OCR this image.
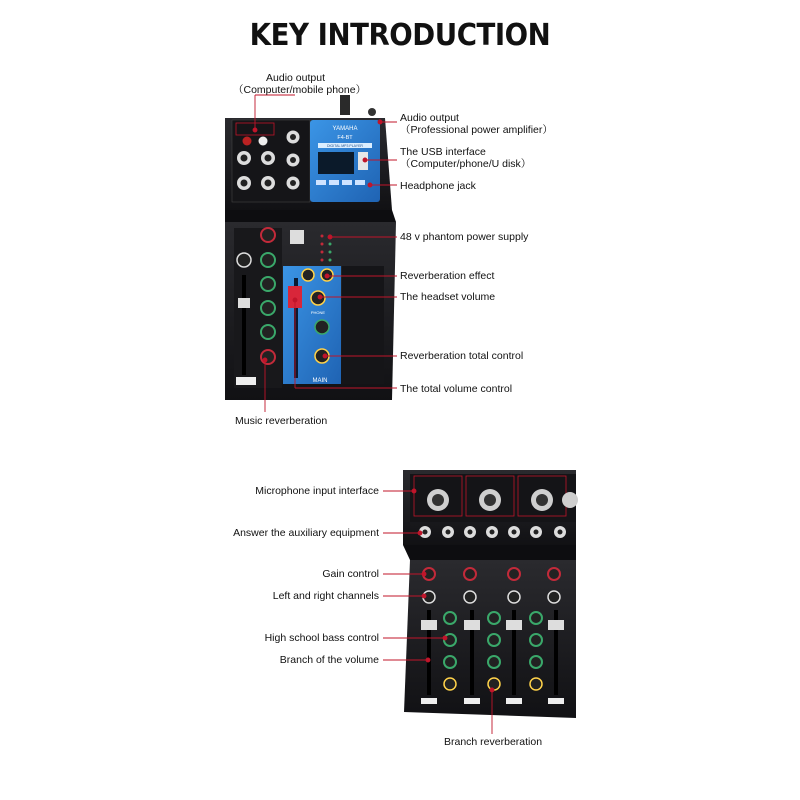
KEY INTRODUCTION
YAMAHA
F4-BT
DIGITAL MP3 PLAYER
PHONE
MAIN
Audio output
（Computer/mobile phone）
Audio output
（Professional power amplifier）
The USB interface
（Computer/phone/U disk）
Headphone jack
48 v phantom power supply
Reverberation effect
The headset volume
Reverberation total control
The total volume control
Music reverberation
Microphone input interface
Answer the auxiliary equipment
Gain control
Left and right channels
High school bass control
Branch of the volume
Branch reverberation
